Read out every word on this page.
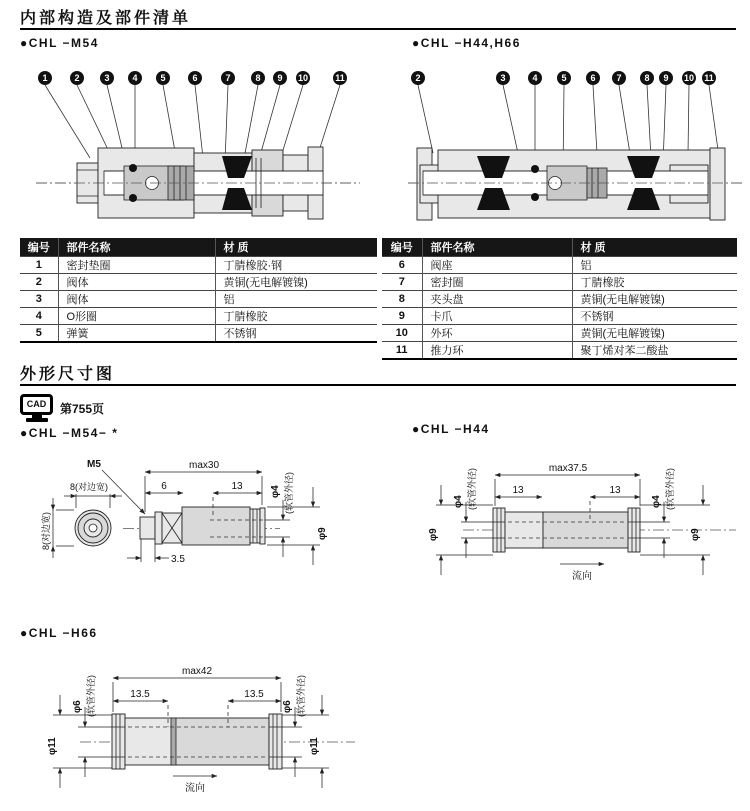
内部构造及部件清单
●CHL −M54	●CHL −H44,H66
1	2	3	4	5	6	7	8 9 10	11	2	3	4	5	6 7	8 9 10 11
编号	部件名称	材 质
1	密封垫圈	丁腈橡胶·钢
2	阀体	黄铜(无电解镀镍)
3	阀体	铝
4	O形圈	丁腈橡胶
5	弹簧	不锈钢
编号	部件名称	材 质
6	阀座	铝
7	密封圈	丁腈橡胶
8	夹头盘	黄铜(无电解镀镍)
9	卡爪	不锈钢
10	外环	黄铜(无电解镀镍)
11	推力环	聚丁烯对苯二酸盐
外形尺寸图
CAD	第755页
●CHL −M54− *	●CHL −H44
●CHL −H66
8(对边宽)
8(对边宽)
M5	max30
6	13
3.5
φ4 (软管外径)
φ9
max37.5
13	13
φ9
φ4 (软管外径)	φ4 (软管外径)
φ9
流向
max42
13.5	13.5
φ11
φ6 (软管外径)	φ6 (软管外径)
φ11
流向
